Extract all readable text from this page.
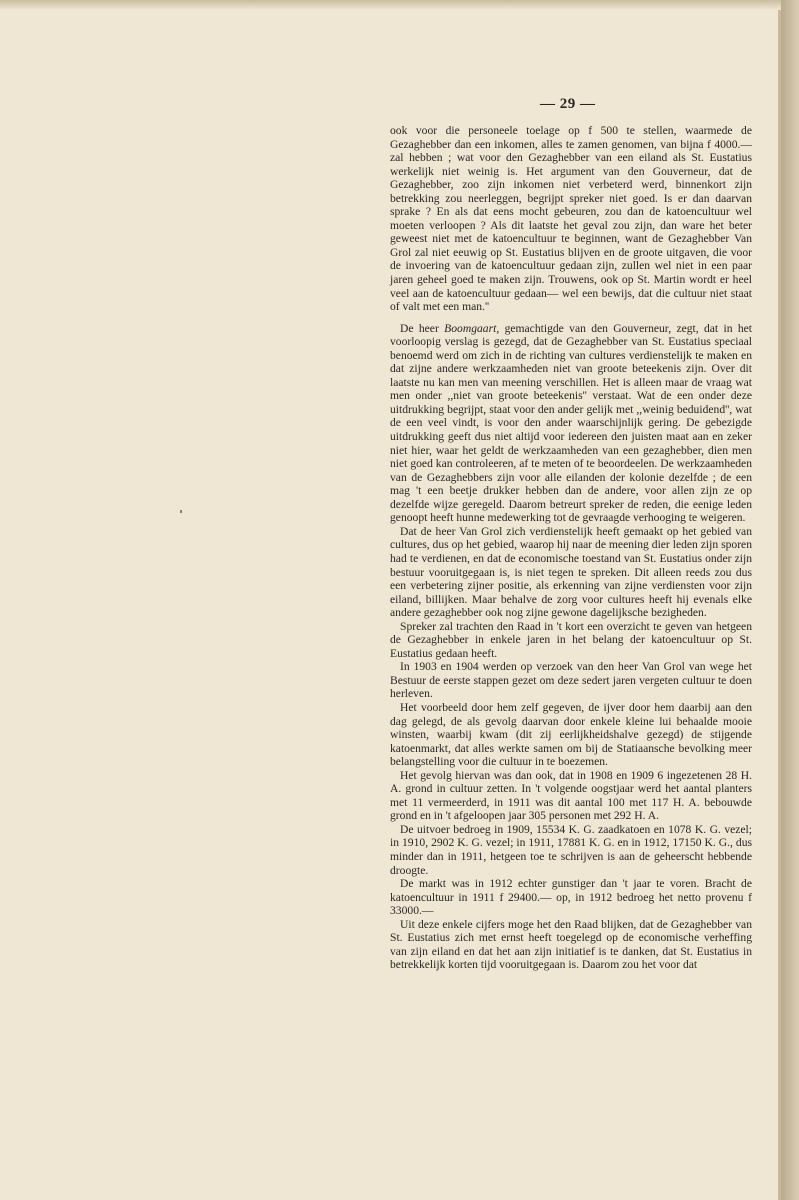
— 29 —

ook voor die personeele toelage op f 500 te stellen, waarmede de Gezaghebber dan een inkomen, alles te zamen genomen, van bijna f 4000.— zal hebben ; wat voor den Gezaghebber van een eiland als St. Eustatius werkelijk niet weinig is. Het argument van den Gouverneur, dat de Gezaghebber, zoo zijn inkomen niet verbeterd werd, binnenkort zijn betrekking zou neerleggen, begrijpt spreker niet goed. Is er dan daarvan sprake ? En als dat eens mocht gebeuren, zou dan de katoencultuur wel moeten verloopen ? Als dit laatste het geval zou zijn, dan ware het beter geweest niet met de katoencultuur te beginnen, want de Gezaghebber Van Grol zal niet eeuwig op St. Eustatius blijven en de groote uitgaven, die voor de invoering van de katoencultuur gedaan zijn, zullen wel niet in een paar jaren geheel goed te maken zijn. Trouwens, ook op St. Martin wordt er heel veel aan de katoencultuur gedaan— wel een bewijs, dat die cultuur niet staat of valt met een man.''

De heer Boomgaart, gemachtigde van den Gouverneur, zegt, dat in het voorloopig verslag is gezegd, dat de Gezaghebber van St. Eustatius speciaal benoemd werd om zich in de richting van cultures verdienstelijk te maken en dat zijne andere werkzaamheden niet van groote beteekenis zijn. Over dit laatste nu kan men van meening verschillen. Het is alleen maar de vraag wat men onder ,,niet van groote beteekenis'' verstaat. Wat de een onder deze uitdrukking begrijpt, staat voor den ander gelijk met ,,weinig beduidend'', wat de een veel vindt, is voor den ander waarschijnlijk gering. De gebezigde uitdrukking geeft dus niet altijd voor iedereen den juisten maat aan en zeker niet hier, waar het geldt de werkzaamheden van een gezaghebber, dien men niet goed kan controleeren, af te meten of te beoordeelen. De werkzaamheden van de Gezaghebbers zijn voor alle eilanden der kolonie dezelfde ; de een mag 't een beetje drukker hebben dan de andere, voor allen zijn ze op dezelfde wijze geregeld. Daarom betreurt spreker de reden, die eenige leden genoopt heeft hunne medewerking tot de gevraagde verhooging te weigeren.

Dat de heer Van Grol zich verdienstelijk heeft gemaakt op het gebied van cultures, dus op het gebied, waarop hij naar de meening dier leden zijn sporen had te verdienen, en dat de economische toestand van St. Eustatius onder zijn bestuur vooruitgegaan is, is niet tegen te spreken. Dit alleen reeds zou dus een verbetering zijner positie, als erkenning van zijne verdiensten voor zijn eiland, billijken. Maar behalve de zorg voor cultures heeft hij evenals elke andere gezaghebber ook nog zijne gewone dagelijksche bezigheden.

Spreker zal trachten den Raad in 't kort een overzicht te geven van hetgeen de Gezaghebber in enkele jaren in het belang der katoencultuur op St. Eustatius gedaan heeft.

In 1903 en 1904 werden op verzoek van den heer Van Grol van wege het Bestuur de eerste stappen gezet om deze sedert jaren vergeten cultuur te doen herleven.

Het voorbeeld door hem zelf gegeven, de ijver door hem daarbij aan den dag gelegd, de als gevolg daarvan door enkele kleine lui behaalde mooie winsten, waarbij kwam (dit zij eerlijkheidshalve gezegd) de stijgende katoenmarkt, dat alles werkte samen om bij de Statiaansche bevolking meer belangstelling voor die cultuur in te boezemen.

Het gevolg hiervan was dan ook, dat in 1908 en 1909 6 ingezetenen 28 H. A. grond in cultuur zetten. In 't volgende oogstjaar werd het aantal planters met 11 vermeerderd, in 1911 was dit aantal 100 met 117 H. A. bebouwde grond en in 't afgeloopen jaar 305 personen met 292 H. A.

De uitvoer bedroeg in 1909, 15534 K. G. zaadkatoen en 1078 K. G. vezel; in 1910, 2902 K. G. vezel; in 1911, 17881 K. G. en in 1912, 17150 K. G., dus minder dan in 1911, hetgeen toe te schrijven is aan de geheerscht hebbende droogte.

De markt was in 1912 echter gunstiger dan 't jaar te voren. Bracht de katoencultuur in 1911 f 29400.— op, in 1912 bedroeg het netto provenu f 33000.—

Uit deze enkele cijfers moge het den Raad blijken, dat de Gezaghebber van St. Eustatius zich met ernst heeft toegelegd op de economische verheffing van zijn eiland en dat het aan zijn initiatief is te danken, dat St. Eustatius in betrekkelijk korten tijd vooruitgegaan is. Daarom zou het voor dat
